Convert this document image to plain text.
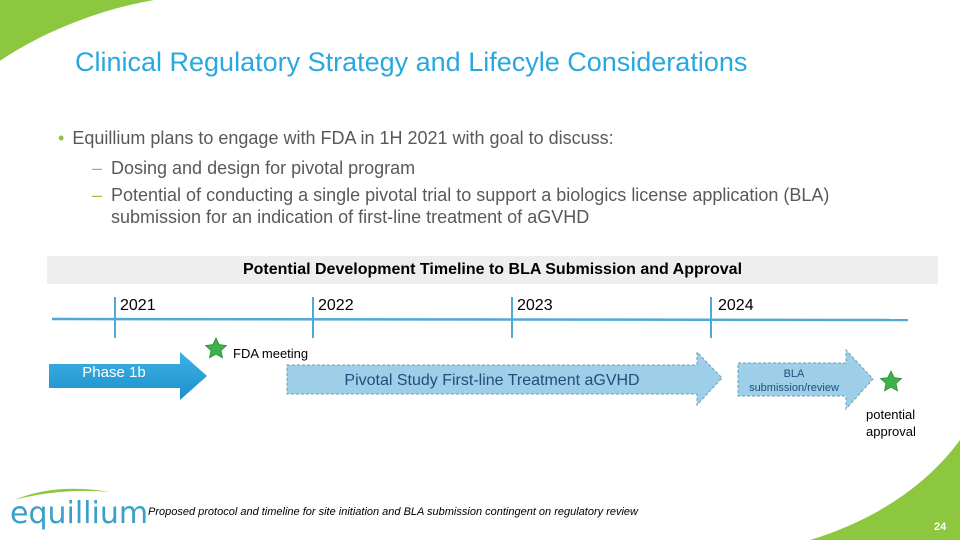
Clinical Regulatory Strategy and Lifecyle Considerations
• Equillium plans to engage with FDA in 1H 2021 with goal to discuss:
– Dosing and design for pivotal program
– Potential of conducting a single pivotal trial to support a biologics license application (BLA)
submission for an indication of first-line treatment of aGVHD
Potential Development Timeline to BLA Submission and Approval
2021	2022	2023	2024
Phase 1b	Pivotal Study First-line Treatment aGVHD	BLA
submission/review
FDA meeting
potential
approval
equillium Proposed protocol and timeline for site initiation and BLA submission contingent on regulatory review
24
